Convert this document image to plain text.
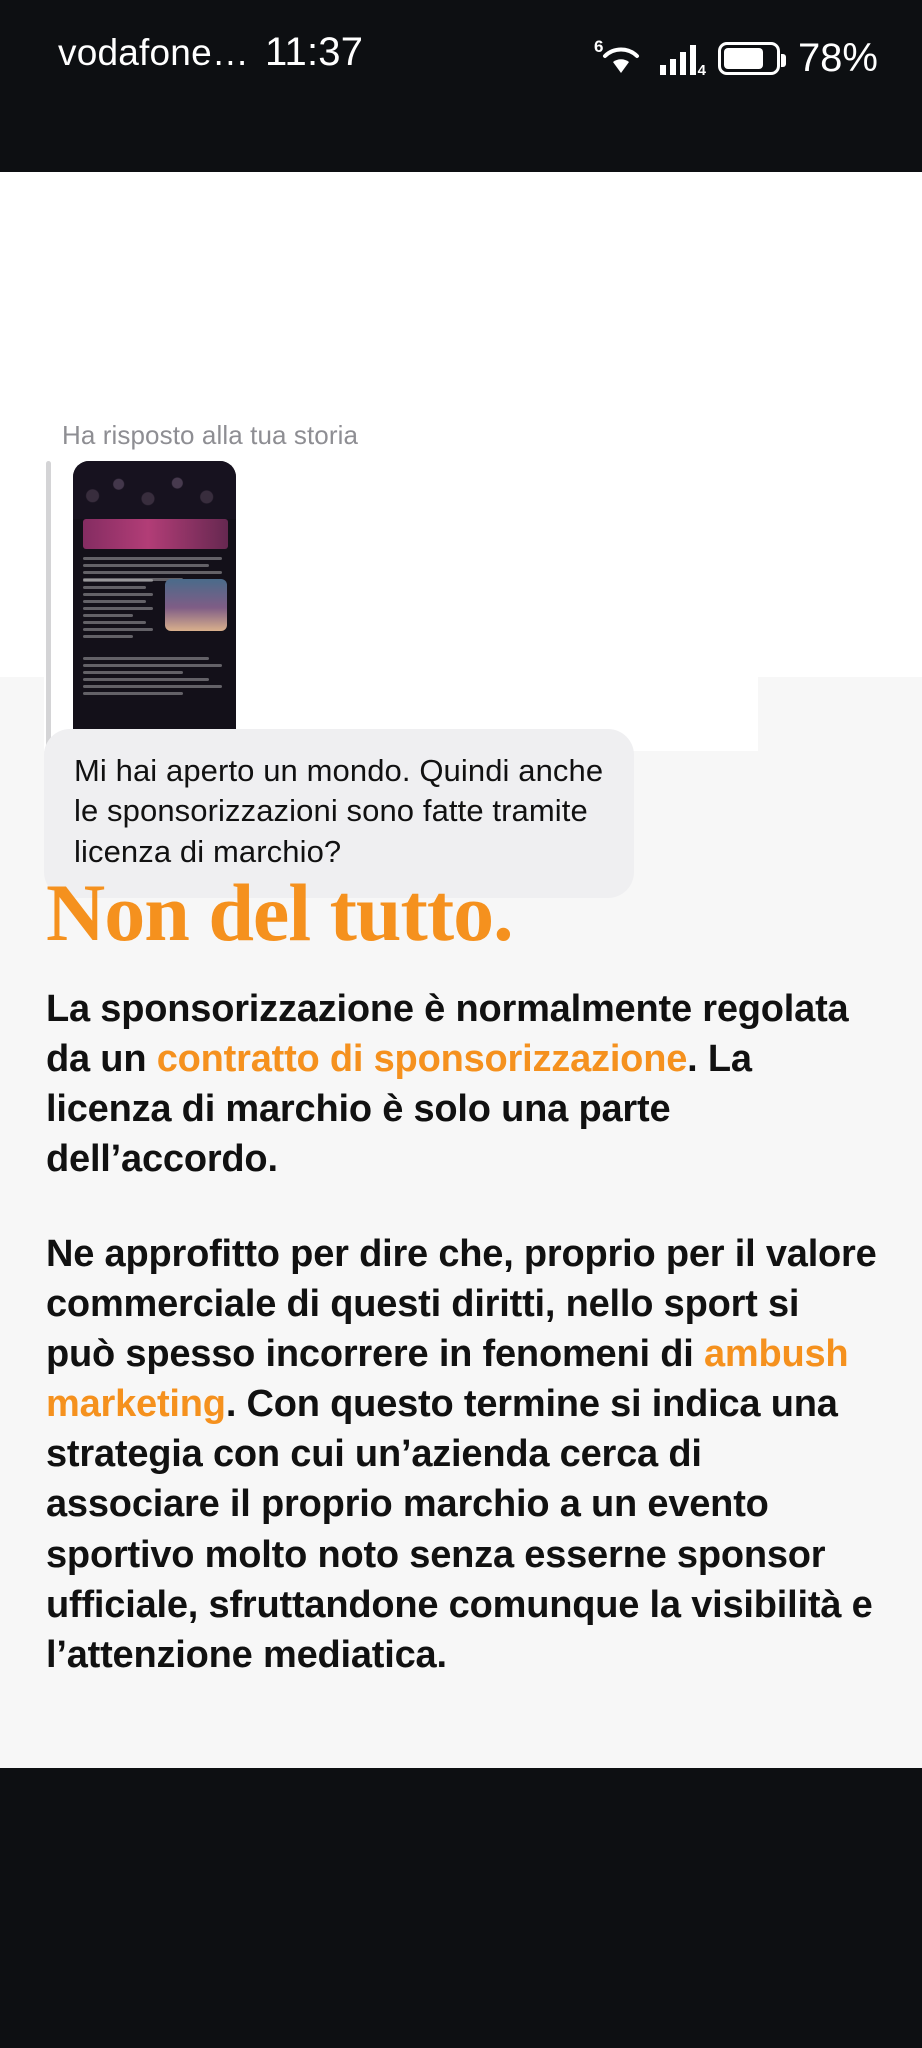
vodafone… 11:37	6
4 78%
Ha risposto alla tua storia
Mi hai aperto un mondo. Quindi anche le sponsorizzazioni sono fatte tramite licenza di marchio?
Non del tutto.
La sponsorizzazione è normalmente regolata da un contratto di sponsorizzazione. La licenza di marchio è solo una parte dell’accordo.
Ne approfitto per dire che, proprio per il valore commerciale di questi diritti, nello sport si può spesso incorrere in fenomeni di ambush marketing. Con questo termine si indica una strategia con cui un’azienda cerca di associare il proprio marchio a un evento sportivo molto noto senza esserne sponsor ufficiale, sfruttandone comunque la visibilità e l’attenzione mediatica.
